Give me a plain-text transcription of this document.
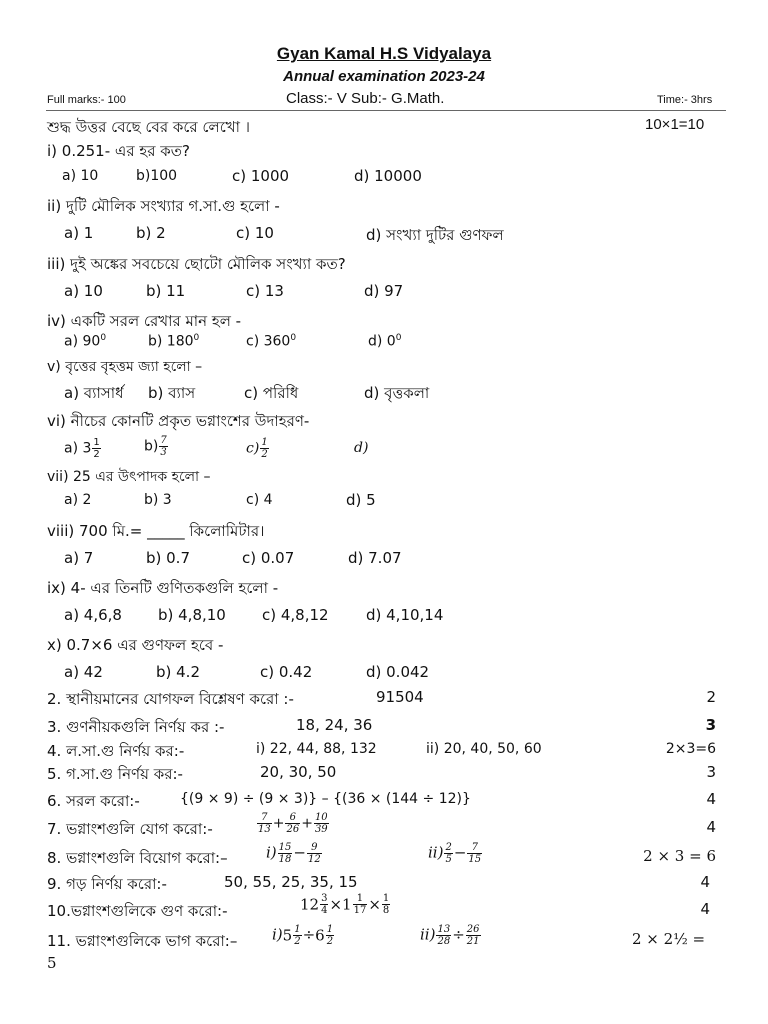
Gyan Kamal H.S Vidyalaya
Annual examination 2023-24
Full marks:- 100	Class:- V Sub:- G.Math.	Time:- 3hrs
শুদ্ধ উত্তর বেছে বের করে লেখো ।	10×1=10
i) 0.251- এর হর কত?
a) 10	b)100	c) 1000	d) 10000
ii) দুটি মৌলিক সংখ্যার গ.সা.গু হলো -
a) 1	b) 2	c) 10	d) সংখ্যা দুটির গুণফল
iii) দুই অঙ্কের সবচেয়ে ছোটো মৌলিক সংখ্যা কত?
a) 10	b) 11	c) 13	d) 97
iv) একটি সরল রেখার মান হল -
a) $90^0$	b) $180^0$	c) $360^0$	d) $0^0$
v) বৃত্তের বৃহত্তম জ্যা হলো –
a) ব্যাসার্ধ b) ব্যাস	c) পরিধি	d) বৃত্তকলা
vi) নীচের কোনটি প্রকৃত ভগ্নাংশের উদাহরণ-
a) $3 \frac{1}{2}$	$b) \frac{7}{3}$	$c) \frac{1}{2}$	d)
vii) 25 এর উৎপাদক হলো –
a) 2	b) 3	c) 4	d) 5
viii) 700 মি.= _____ কিলোমিটার।
a) 7	b) 0.7	c) 0.07	d) 7.07
ix) 4- এর তিনটি গুণিতকগুলি হলো -
a) 4,6,8 b) 4,8,10 c) 4,8,12 d) 4,10,14
x) 0.7×6 এর গুণফল হবে -
a) 42	b) 4.2	c) 0.42	d) 0.042
2. স্থানীয়মানের যোগফল বিশ্লেষণ করো :-	91504	2
3. গুণনীয়কগুলি নির্ণয় কর :-	18, 24, 36	3
4. ল.সা.গু নির্ণয় কর:-	i) 22, 44, 88, 132	ii) 20, 40, 50, 60	2×3=6
5. গ.সা.গু নির্ণয় কর:-	20, 30, 50	3
6. সরল করো:-	{(9 × 9) ÷ (9 × 3)} – {(36 × (144 ÷ 12)}	4
7. ভগ্নাংশগুলি যোগ করো:-	$\frac{7}{13} + \frac{6}{26} + \frac{10}{39}$	4
8. ভগ্নাংশগুলি বিয়োগ করো:–	$i) \frac{15}{18} - \frac{9}{12}$	$ii) \frac{2}{5} - \frac{7}{15}$	2 × 3 = 6
9. গড় নির্ণয় করো:-	50, 55, 25, 35, 15	4
10.ভগ্নাংশগুলিকে গুণ করো:-	$12 \frac{3}{4} \times 1 \frac{1}{17} \times \frac{1}{8}$	4
11. ভগ্নাংশগুলিকে ভাগ করো:– $i)5 \frac{1}{2} \div 6 \frac{1}{2}$	$ii) \frac{13}{28} \div \frac{26}{21}$	2 × 2½ =
5
